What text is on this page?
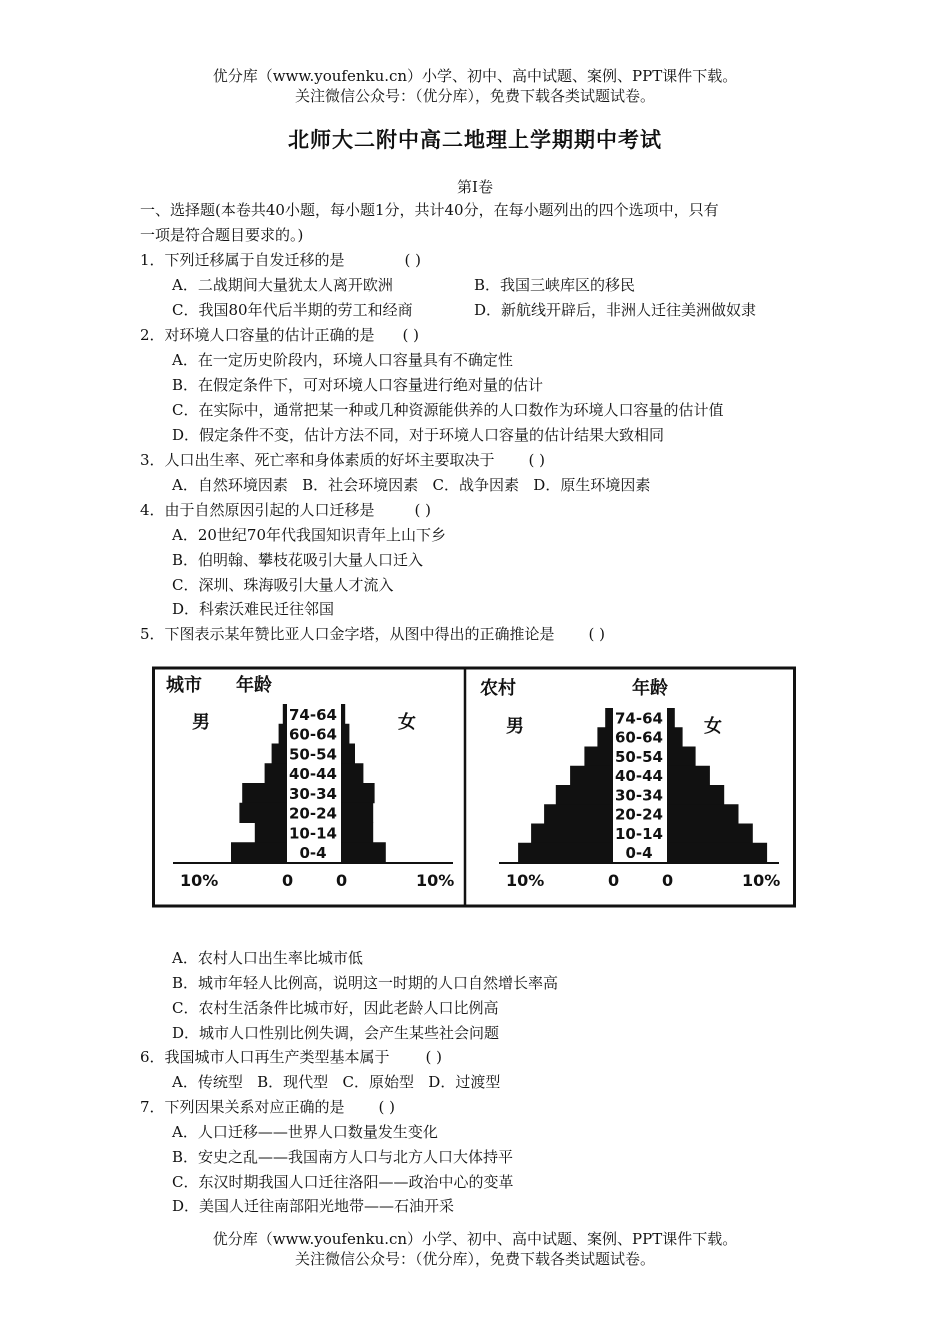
优分库（www.youfenku.cn）小学、初中、高中试题、案例、PPT课件下载。
关注微信公众号：（优分库），免费下载各类试题试卷。
北师大二附中高二地理上学期期中考试
第Ⅰ卷
一、选择题(本卷共40小题，每小题1分，共计40分，在每小题列出的四个选项中，只有
一项是符合题目要求的。)
1．下列迁移属于自发迁移的是	( )
A．二战期间大量犹太人离开欧洲	B．我国三峡库区的移民
C．我国80年代后半期的劳工和经商	D．新航线开辟后，非洲人迁往美洲做奴隶
2．对环境人口容量的估计正确的是 ( )
A．在一定历史阶段内，环境人口容量具有不确定性
B．在假定条件下，可对环境人口容量进行绝对量的估计
C．在实际中，通常把某一种或几种资源能供养的人口数作为环境人口容量的估计值
D．假定条件不变，估计方法不同，对于环境人口容量的估计结果大致相同
3．人口出生率、死亡率和身体素质的好坏主要取决于 ( )
A．自然环境因素 B．社会环境因素 C．战争因素 D．原生环境因素
4．由于自然原因引起的人口迁移是	( )
A．20世纪70年代我国知识青年上山下乡
B．伯明翰、攀枝花吸引大量人口迁入
C．深圳、珠海吸引大量人才流入
D．科索沃难民迁往邻国
5．下图表示某年赞比亚人口金字塔，从图中得出的正确推论是 ( )
74-64
60-64
50-54
40-44
30-34
20-24
10-14
0-4
74-64
60-64
50-54
40-44
30-34
20-24
10-14
0-4
城市 年龄
男	女
农村	年龄
男	女
10%	0	0	10%	10%	0	0	10%
A．农村人口出生率比城市低
B．城市年轻人比例高，说明这一时期的人口自然增长率高
C．农村生活条件比城市好，因此老龄人口比例高
D．城市人口性别比例失调，会产生某些社会问题
6．我国城市人口再生产类型基本属于 ( )
A．传统型 B．现代型 C．原始型 D．过渡型
7．下列因果关系对应正确的是 ( )
A．人口迁移——世界人口数量发生变化
B．安史之乱——我国南方人口与北方人口大体持平
C．东汉时期我国人口迁往洛阳——政治中心的变革
D．美国人迁往南部阳光地带——石油开采
优分库（www.youfenku.cn）小学、初中、高中试题、案例、PPT课件下载。
关注微信公众号：（优分库），免费下载各类试题试卷。
